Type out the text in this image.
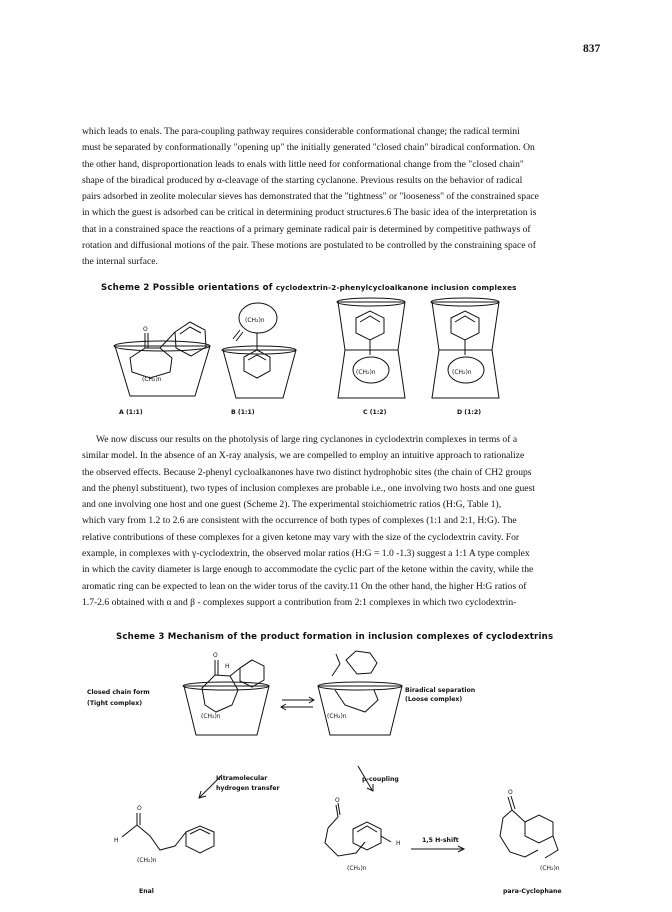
837

which leads to enals. The para-coupling pathway requires considerable conformational change; the radical termini
must be separated by conformationally "opening up" the initially generated "closed chain" biradical conformation. On
the other hand, disproportionation leads to enals with little need for conformational change from the "closed chain"
shape of the biradical produced by α-cleavage of the starting cyclanone. Previous results on the behavior of radical
pairs adsorbed in zeolite molecular sieves has demonstrated that the "tightness" or "looseness" of the constrained space
in which the guest is adsorbed can be critical in determining product structures.6 The basic idea of the interpretation is
that in a constrained space the reactions of a primary geminate radical pair is determined by competitive pathways of
rotation and diffusional motions of the pair. These motions are postulated to be controlled by the constraining space of
the internal surface.

Scheme 2 Possible orientations of cyclodextrin-2-phenylcycloalkanone inclusion complexes
O
(CH₂)n
(CH₂)n
(CH₂)n	(CH₂)n
A (1:1)	B (1:1)	C (1:2)	D (1:2)

We now discuss our results on the photolysis of large ring cyclanones in cyclodextrin complexes in terms of a
similar model. In the absence of an X-ray analysis, we are compelled to employ an intuitive approach to rationalize
the observed effects. Because 2-phenyl cycloalkanones have two distinct hydrophobic sites (the chain of CH2 groups
and the phenyl substituent), two types of inclusion complexes are probable i.e., one involving two hosts and one guest
and one involving one host and one guest (Scheme 2). The experimental stoichiometric ratios (H:G, Table 1),
which vary from 1.2 to 2.6 are consistent with the occurrence of both types of complexes (1:1 and 2:1, H:G). The
relative contributions of these complexes for a given ketone may vary with the size of the cyclodextrin cavity. For
example, in complexes with γ-cyclodextrin, the observed molar ratios (H:G = 1.0 -1.3) suggest a 1:1 A type complex
in which the cavity diameter is large enough to accommodate the cyclic part of the ketone within the cavity, while the
aromatic ring can be expected to lean on the wider torus of the cavity.11 On the other hand, the higher H:G ratios of
1.7-2.6 obtained with α and β - complexes support a contribution from 2:1 complexes in which two cyclodextrin-

Scheme 3 Mechanism of the product formation in inclusion complexes of cyclodextrins
O
H
(CH₂)n	(CH₂)n
Closed chain form
(Tight complex)
Biradical separation
(Loose complex)
Intramolecular
hydrogen transfer
p-coupling
1,5 H-shift
H
O
(CH₂)n
O
H
(CH₂)n
O
(CH₂)n
Enal	para-Cyclophane
